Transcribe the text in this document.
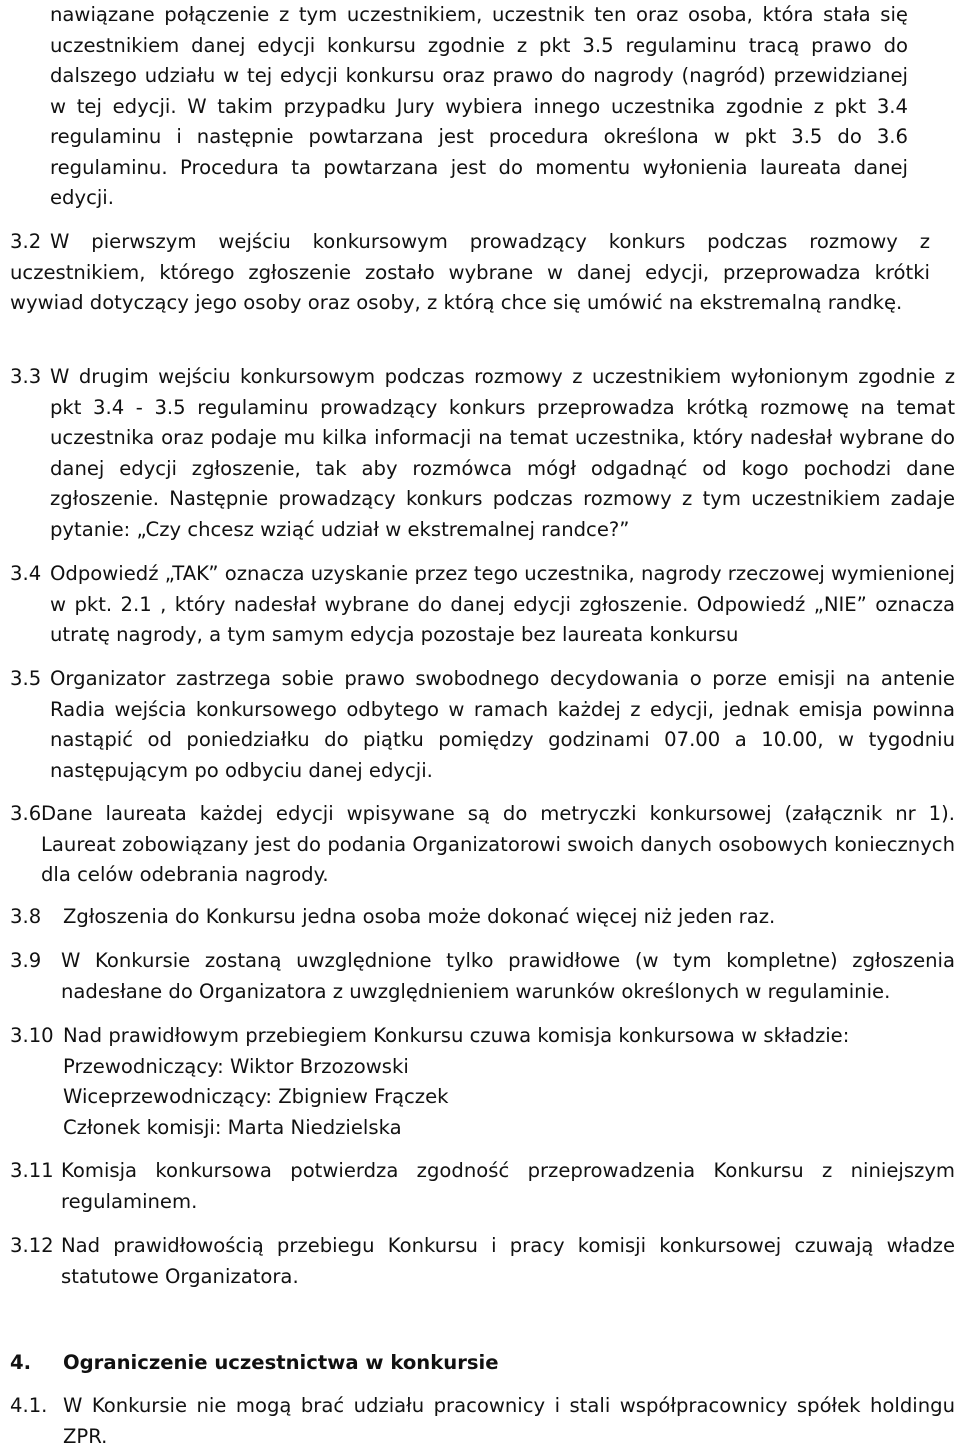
nawiązane połączenie z tym uczestnikiem, uczestnik ten oraz osoba, która stała się uczestnikiem danej edycji konkursu zgodnie z pkt 3.5 regulaminu tracą prawo do dalszego udziału w tej edycji konkursu oraz prawo do nagrody (nagród) przewidzianej w tej edycji. W takim przypadku Jury wybiera innego uczestnika zgodnie z pkt 3.4 regulaminu i następnie powtarzana jest procedura określona w pkt 3.5 do 3.6 regulaminu. Procedura ta powtarzana jest do momentu wyłonienia laureata danej edycji.
3.2 W pierwszym wejściu konkursowym prowadzący konkurs podczas rozmowy z uczestnikiem, którego zgłoszenie zostało wybrane w danej edycji, przeprowadza krótki wywiad dotyczący jego osoby oraz osoby, z którą chce się umówić na ekstremalną randkę.
3.3 W drugim wejściu konkursowym podczas rozmowy z uczestnikiem wyłonionym zgodnie z pkt 3.4 - 3.5 regulaminu prowadzący konkurs przeprowadza krótką rozmowę na temat uczestnika oraz podaje mu kilka informacji na temat uczestnika, który nadesłał wybrane do danej edycji zgłoszenie, tak aby rozmówca mógł odgadnąć od kogo pochodzi dane zgłoszenie. Następnie prowadzący konkurs podczas rozmowy z tym uczestnikiem zadaje pytanie: „Czy chcesz wziąć udział w ekstremalnej randce?”
3.4 Odpowiedź „TAK” oznacza uzyskanie przez tego uczestnika, nagrody rzeczowej wymienionej w pkt. 2.1 , który nadesłał wybrane do danej edycji zgłoszenie. Odpowiedź „NIE” oznacza utratę nagrody, a tym samym edycja pozostaje bez laureata konkursu
3.5 Organizator zastrzega sobie prawo swobodnego decydowania o porze emisji na antenie Radia wejścia konkursowego odbytego w ramach każdej z edycji, jednak emisja powinna nastąpić od poniedziałku do piątku pomiędzy godzinami 07.00 a 10.00, w tygodniu następującym po odbyciu danej edycji.
3.6 Dane laureata każdej edycji wpisywane są do metryczki konkursowej (załącznik nr 1). Laureat zobowiązany jest do podania Organizatorowi swoich danych osobowych koniecznych dla celów odebrania nagrody.
3.8 Zgłoszenia do Konkursu jedna osoba może dokonać więcej niż jeden raz.
3.9 W Konkursie zostaną uwzględnione tylko prawidłowe (w tym kompletne) zgłoszenia nadesłane do Organizatora z uwzględnieniem warunków określonych w regulaminie.
3.10 Nad prawidłowym przebiegiem Konkursu czuwa komisja konkursowa w składzie:
Przewodniczący: Wiktor Brzozowski
Wiceprzewodniczący: Zbigniew Frączek
Członek komisji: Marta Niedzielska
3.11 Komisja konkursowa potwierdza zgodność przeprowadzenia Konkursu z niniejszym regulaminem.
3.12 Nad prawidłowością przebiegu Konkursu i pracy komisji konkursowej czuwają władze statutowe Organizatora.
4. Ograniczenie uczestnictwa w konkursie
4.1. W Konkursie nie mogą brać udziału pracownicy i stali współpracownicy spółek holdingu ZPR.
